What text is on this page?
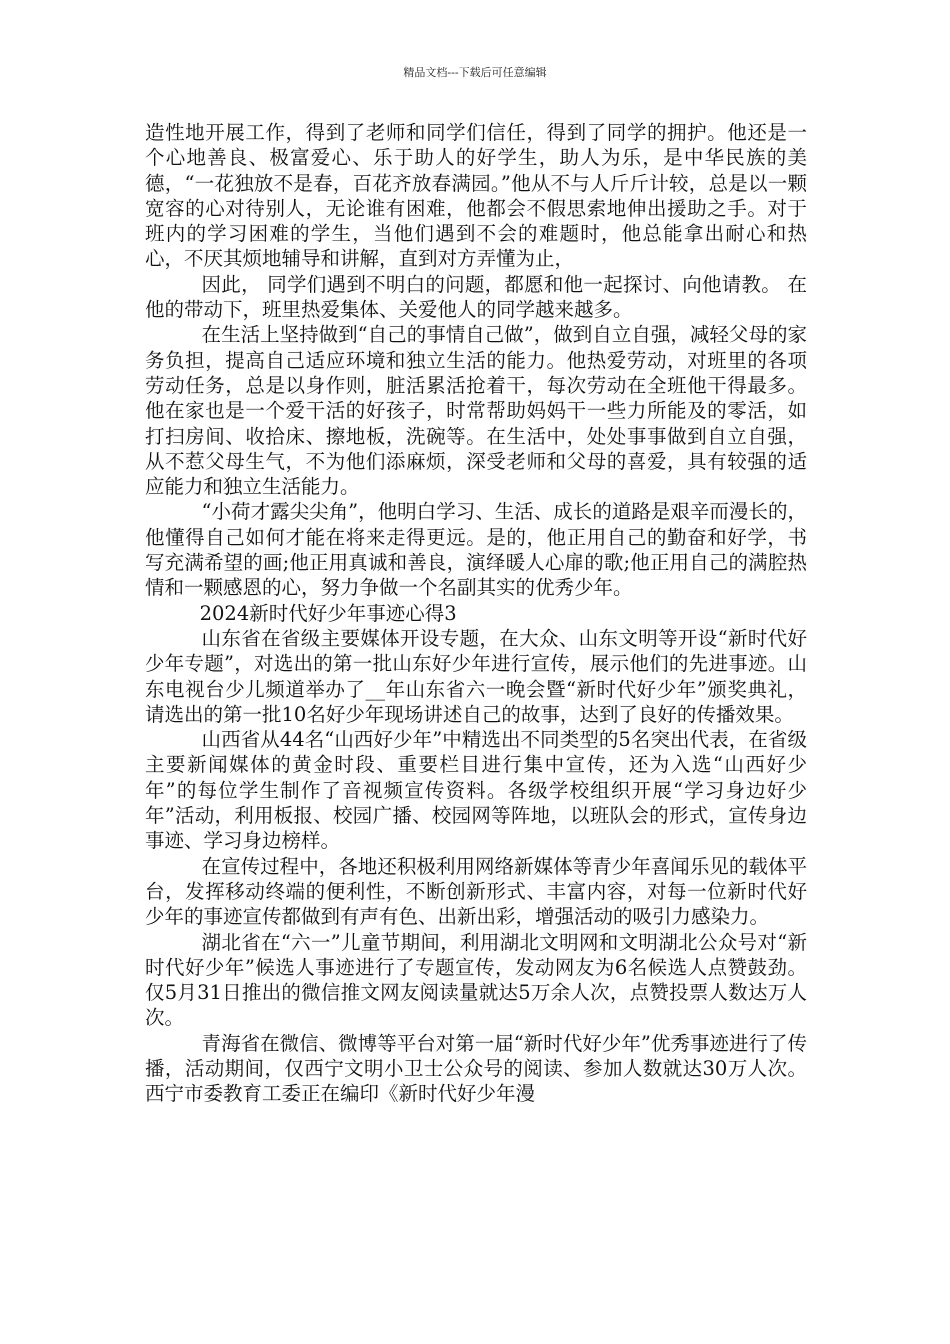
精品文档---下载后可任意编辑

造性地开展工作，得到了老师和同学们信任，得到了同学的拥护。他还是一个心地善良、极富爱心、乐于助人的好学生，助人为乐，是中华民族的美德，“一花独放不是春，百花齐放春满园。”他从不与人斤斤计较，总是以一颗宽容的心对待别人，无论谁有困难，他都会不假思索地伸出援助之手。对于班内的学习困难的学生，当他们遇到不会的难题时，他总能拿出耐心和热心，不厌其烦地辅导和讲解，直到对方弄懂为止，

因此， 同学们遇到不明白的问题，都愿和他一起探讨、向他请教。 在他的带动下，班里热爱集体、关爱他人的同学越来越多。

在生活上坚持做到“自己的事情自己做”，做到自立自强，减轻父母的家务负担，提高自己适应环境和独立生活的能力。他热爱劳动，对班里的各项劳动任务，总是以身作则，脏活累活抢着干，每次劳动在全班他干得最多。他在家也是一个爱干活的好孩子，时常帮助妈妈干一些力所能及的零活，如打扫房间、收拾床、擦地板，洗碗等。在生活中，处处事事做到自立自强，从不惹父母生气，不为他们添麻烦，深受老师和父母的喜爱，具有较强的适应能力和独立生活能力。

“小荷才露尖尖角”，他明白学习、生活、成长的道路是艰辛而漫长的，他懂得自己如何才能在将来走得更远。是的，他正用自己的勤奋和好学，书写充满希望的画;他正用真诚和善良，演绎暖人心扉的歌;他正用自己的满腔热情和一颗感恩的心，努力争做一个名副其实的优秀少年。

2024新时代好少年事迹心得3

山东省在省级主要媒体开设专题，在大众、山东文明等开设“新时代好少年专题”，对选出的第一批山东好少年进行宣传，展示他们的先进事迹。山东电视台少儿频道举办了__年山东省六一晚会暨“新时代好少年”颁奖典礼，请选出的第一批10名好少年现场讲述自己的故事，达到了良好的传播效果。

山西省从44名“山西好少年”中精选出不同类型的5名突出代表，在省级主要新闻媒体的黄金时段、重要栏目进行集中宣传，还为入选“山西好少年”的每位学生制作了音视频宣传资料。各级学校组织开展“学习身边好少年”活动，利用板报、校园广播、校园网等阵地，以班队会的形式，宣传身边事迹、学习身边榜样。

在宣传过程中，各地还积极利用网络新媒体等青少年喜闻乐见的载体平台，发挥移动终端的便利性，不断创新形式、丰富内容，对每一位新时代好少年的事迹宣传都做到有声有色、出新出彩，增强活动的吸引力感染力。

湖北省在“六一”儿童节期间，利用湖北文明网和文明湖北公众号对“新时代好少年”候选人事迹进行了专题宣传，发动网友为6名候选人点赞鼓劲。仅5月31日推出的微信推文网友阅读量就达5万余人次，点赞投票人数达万人次。

青海省在微信、微博等平台对第一届“新时代好少年”优秀事迹进行了传播，活动期间，仅西宁文明小卫士公众号的阅读、参加人数就达30万人次。西宁市委教育工委正在编印《新时代好少年漫
